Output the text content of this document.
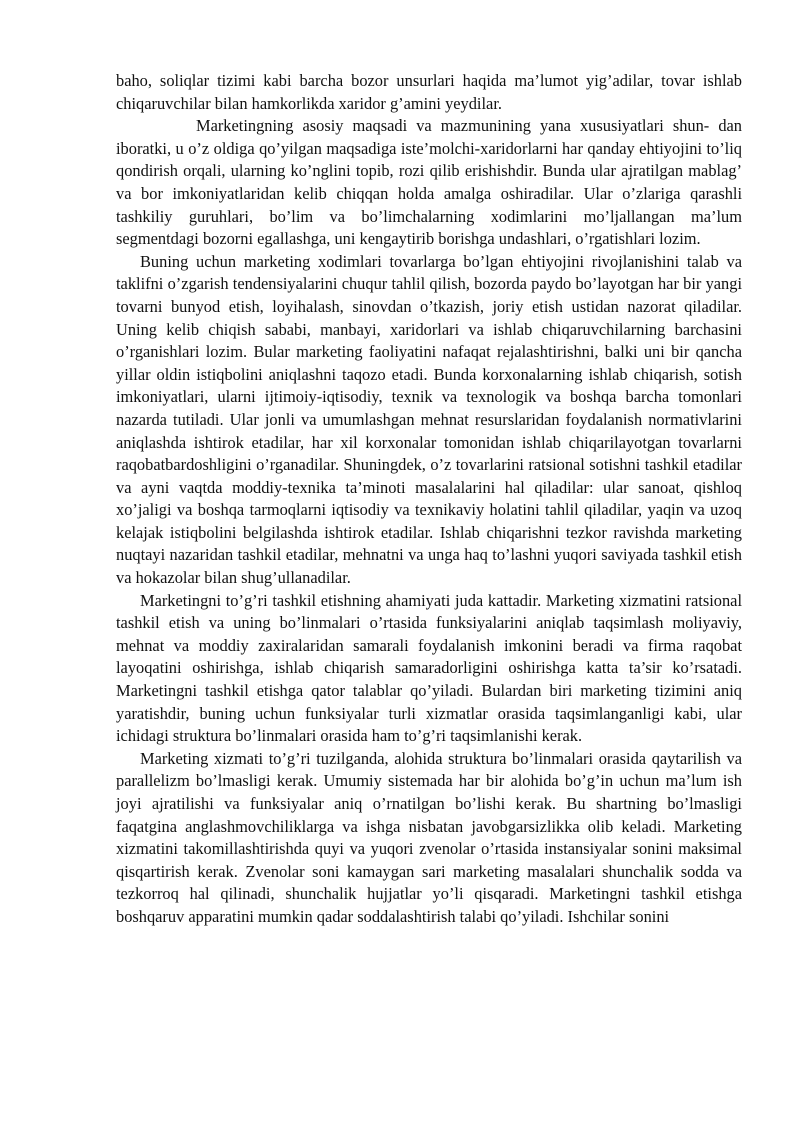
baho, soliqlar tizimi kabi barcha bozor unsurlari haqida ma’lumot yig’adilar, tovar ishlab chiqaruvchilar bilan hamkorlikda xaridor g’amini yeydilar.

Marketingning asosiy maqsadi va mazmunining yana xususiyatlari shun- dan iboratki, u o’z oldiga qo’yilgan maqsadiga iste’molchi-xaridorlarni har qanday ehtiyojini to’liq qondirish orqali, ularning ko’nglini topib, rozi qilib erishishdir. Bunda ular ajratilgan mablag’ va bor imkoniyatlaridan kelib chiqqan holda amalga oshiradilar. Ular o’zlariga qarashli tashkiliy guruhlari, bo’lim va bo’limchalarning xodimlarini mo’ljallangan ma’lum segmentdagi bozorni egallashga, uni kengaytirib borishga undashlari, o’rgatishlari lozim.

Buning uchun marketing xodimlari tovarlarga bo’lgan ehtiyojini rivojlanishini talab va taklifni o’zgarish tendensiyalarini chuqur tahlil qilish, bozorda paydo bo’layotgan har bir yangi tovarni bunyod etish, loyihalash, sinovdan o’tkazish, joriy etish ustidan nazorat qiladilar. Uning kelib chiqish sababi, manbayi, xaridorlari va ishlab chiqaruvchilarning barchasini o’rganishlari lozim. Bular marketing faoliyatini nafaqat rejalashtirishni, balki uni bir qancha yillar oldin istiqbolini aniqlashni taqozo etadi. Bunda korxonalarning ishlab chiqarish, sotish imkoniyatlari, ularni ijtimoiy-iqtisodiy, texnik va texnologik va boshqa barcha tomonlari nazarda tutiladi. Ular jonli va umumlashgan mehnat resurslaridan foydalanish normativlarini aniqlashda ishtirok etadilar, har xil korxonalar tomonidan ishlab chiqarilayotgan tovarlarni raqobatbardoshligini o’rganadilar. Shuningdek, o’z tovarlarini ratsional sotishni tashkil etadilar va ayni vaqtda moddiy-texnika ta’minoti masalalarini hal qiladilar: ular sanoat, qishloq xo’jaligi va boshqa tarmoqlarni iqtisodiy va texnikaviy holatini tahlil qiladilar, yaqin va uzoq kelajak istiqbolini belgilashda ishtirok etadilar. Ishlab chiqarishni tezkor ravishda marketing nuqtayi nazaridan tashkil etadilar, mehnatni va unga haq to’lashni yuqori saviyada tashkil etish va hokazolar bilan shug’ullanadilar.

Marketingni to’g’ri tashkil etishning ahamiyati juda kattadir. Marketing xizmatini ratsional tashkil etish va uning bo’linmalari o’rtasida funksiyalarini aniqlab taqsimlash moliyaviy, mehnat va moddiy zaxiralaridan samarali foydalanish imkonini beradi va firma raqobat layoqatini oshirishga, ishlab chiqarish samaradorligini oshirishga katta ta’sir ko’rsatadi. Marketingni tashkil etishga qator talablar qo’yiladi. Bulardan biri marketing tizimini aniq yaratishdir, buning uchun funksiyalar turli xizmatlar orasida taqsimlanganligi kabi, ular ichidagi struktura bo’linmalari orasida ham to’g’ri taqsimlanishi kerak.

Marketing xizmati to’g’ri tuzilganda, alohida struktura bo’linmalari orasida qaytarilish va parallelizm bo’lmasligi kerak. Umumiy sistemada har bir alohida bo’g’in uchun ma’lum ish joyi ajratilishi va funksiyalar aniq o’rnatilgan bo’lishi kerak. Bu shartning bo’lmasligi faqatgina anglashmovchiliklarga va ishga nisbatan javobgarsizlikka olib keladi. Marketing xizmatini takomillashtirishda quyi va yuqori zvenolar o’rtasida instansiyalar sonini maksimal qisqartirish kerak. Zvenolar soni kamaygan sari marketing masalalari shunchalik sodda va tezkorroq hal qilinadi, shunchalik hujjatlar yo’li qisqaradi. Marketingni tashkil etishga boshqaruv apparatini mumkin qadar soddalashtirish talabi qo’yiladi. Ishchilar sonini
